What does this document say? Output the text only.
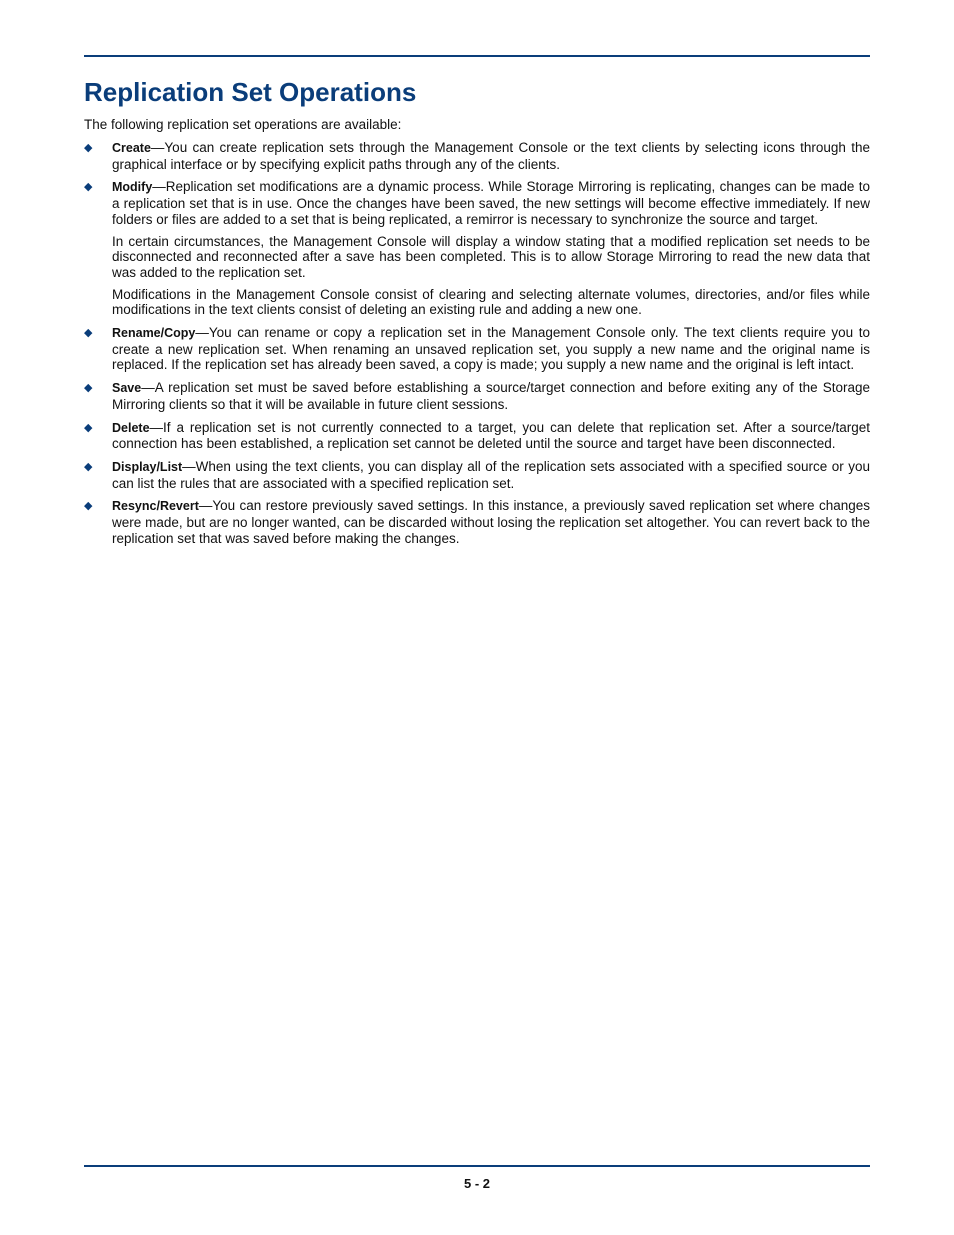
Replication Set Operations

The following replication set operations are available:

◆ Create—You can create replication sets through the Management Console or the text clients by selecting icons through the graphical interface or by specifying explicit paths through any of the clients.

◆ Modify—Replication set modifications are a dynamic process. While Storage Mirroring is replicating, changes can be made to a replication set that is in use. Once the changes have been saved, the new settings will become effective immediately. If new folders or files are added to a set that is being replicated, a remirror is necessary to synchronize the source and target.

In certain circumstances, the Management Console will display a window stating that a modified replication set needs to be disconnected and reconnected after a save has been completed. This is to allow Storage Mirroring to read the new data that was added to the replication set.

Modifications in the Management Console consist of clearing and selecting alternate volumes, directories, and/or files while modifications in the text clients consist of deleting an existing rule and adding a new one.

◆ Rename/Copy—You can rename or copy a replication set in the Management Console only. The text clients require you to create a new replication set. When renaming an unsaved replication set, you supply a new name and the original name is replaced. If the replication set has already been saved, a copy is made; you supply a new name and the original is left intact.

◆ Save—A replication set must be saved before establishing a source/target connection and before exiting any of the Storage Mirroring clients so that it will be available in future client sessions.

◆ Delete—If a replication set is not currently connected to a target, you can delete that replication set. After a source/target connection has been established, a replication set cannot be deleted until the source and target have been disconnected.

◆ Display/List—When using the text clients, you can display all of the replication sets associated with a specified source or you can list the rules that are associated with a specified replication set.

◆ Resync/Revert—You can restore previously saved settings. In this instance, a previously saved replication set where changes were made, but are no longer wanted, can be discarded without losing the replication set altogether. You can revert back to the replication set that was saved before making the changes.

5 - 2
